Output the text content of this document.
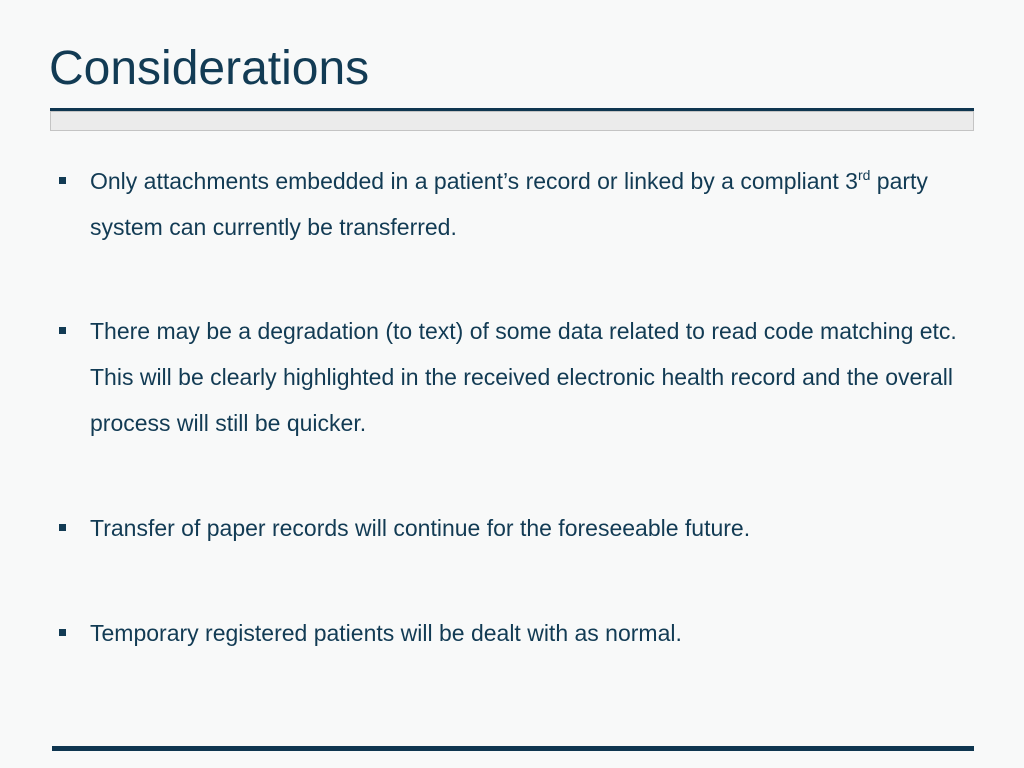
Considerations
Only attachments embedded in a patient’s record or linked by a compliant 3rd party system can currently be transferred.
There may be a degradation (to text) of some data related to read code matching etc. This will be clearly highlighted in the received electronic health record and the overall process will still be quicker.
Transfer of paper records will continue for the foreseeable future.
Temporary registered patients will be dealt with as normal.
